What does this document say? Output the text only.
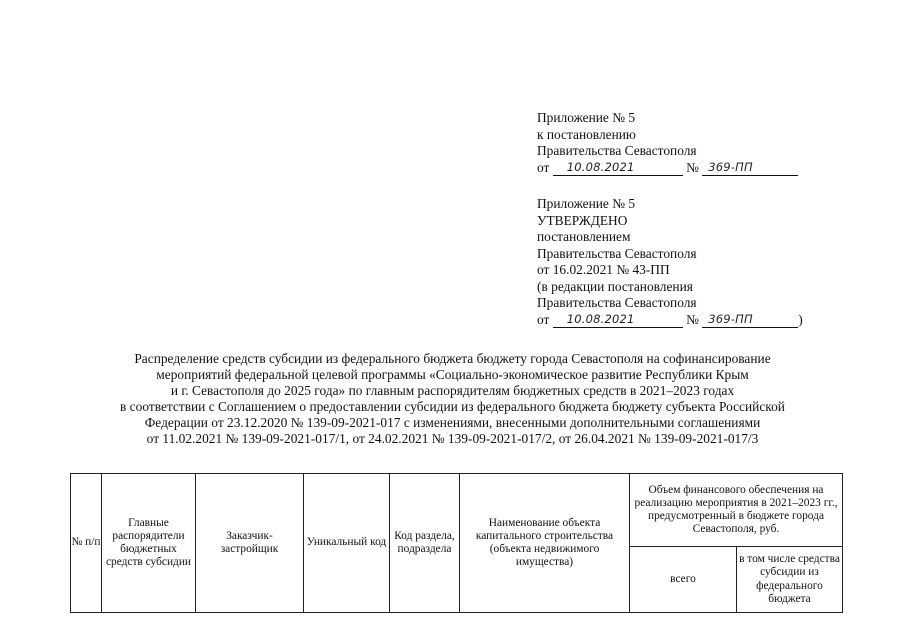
Приложение № 5
к постановлению
Правительства Севастополя
от 10.08.2021	№ 369-ПП
Приложение № 5
УТВЕРЖДЕНО
постановлением
Правительства Севастополя
от 16.02.2021 № 43-ПП
(в редакции постановления
Правительства Севастополя
от 10.08.2021	№ 369-ПП	)
Распределение средств субсидии из федерального бюджета бюджету города Севастополя на софинансирование
мероприятий федеральной целевой программы «Социально-экономическое развитие Республики Крым
и г. Севастополя до 2025 года» по главным распорядителям бюджетных средств в 2021–2023 годах
в соответствии с Соглашением о предоставлении субсидии из федерального бюджета бюджету субъекта Российской
Федерации от 23.12.2020 № 139-09-2021-017 с изменениями, внесенными дополнительными соглашениями
от 11.02.2021 № 139-09-2021-017/1, от 24.02.2021 № 139-09-2021-017/2, от 26.04.2021 № 139-09-2021-017/3
№ п/п	Главные распорядители бюджетных средств субсидии	Заказчик-застройщик	Уникальный код	Код раздела, подраздела	Наименование объекта капитального строительства (объекта недвижимого имущества)	Объем финансового обеспечения на реализацию мероприятия в 2021–2023 гг., предусмотренный в бюджете города Севастополя, руб.	
						всего	в том числе средства субсидии из федерального бюджета
